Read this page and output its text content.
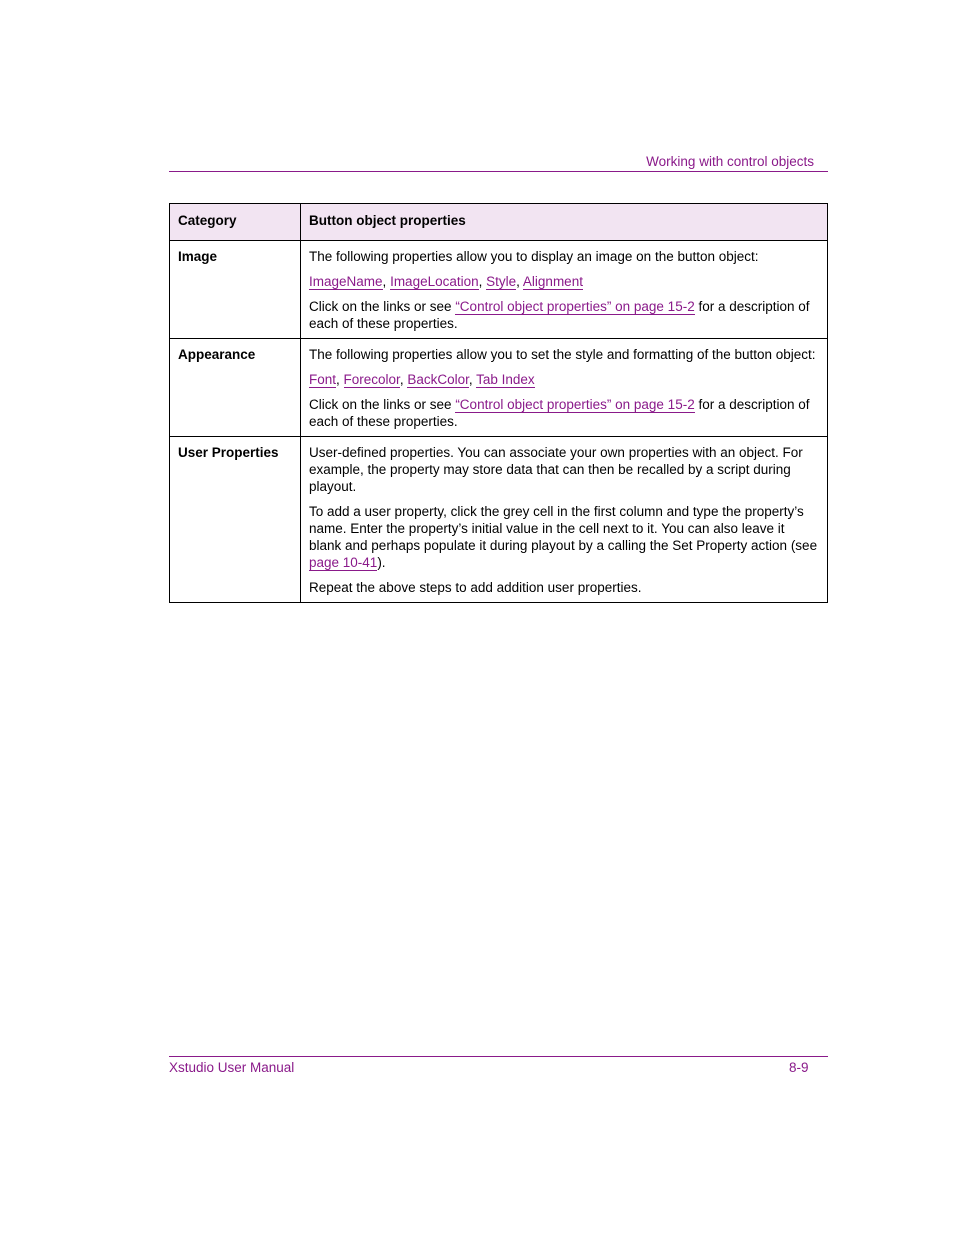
Working with control objects
Category	Button object properties
Image	The following properties allow you to display an image on the button object:

ImageName, ImageLocation, Style, Alignment

Click on the links or see “Control object properties” on page 15-2 for a description of each of these properties.

Appearance	The following properties allow you to set the style and formatting of the button object:

Font, Forecolor, BackColor, Tab Index

Click on the links or see “Control object properties” on page 15-2 for a description of each of these properties.

User Properties	User-defined properties. You can associate your own properties with an object. For example, the property may store data that can then be recalled by a script during playout.

To add a user property, click the grey cell in the first column and type the property’s name. Enter the property’s initial value in the cell next to it. You can also leave it blank and perhaps populate it during playout by a calling the Set Property action (see page 10-41).

Repeat the above steps to add addition user properties.

Xstudio User Manual	8-9
